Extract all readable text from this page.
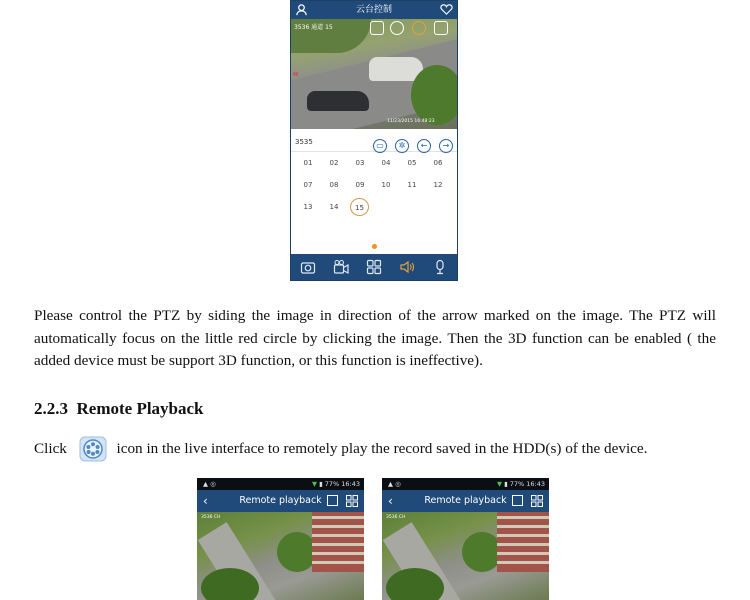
云台控制
3536 通道 15
«
11/23/2015 16:48:23
3535	▭	✲	←	→
01	02	03	04	05	06
07	08	09	10	11	12
13	14	15
Please control the PTZ by siding the image in direction of the arrow marked on the image. The PTZ will automatically focus on the little red circle by clicking the image. Then the 3D function can be enabled ( the added device must be support 3D function, or this function is ineffective).
2.2.3 Remote Playback
Click	icon in the live interface to remotely play the record saved in the HDD(s) of the device.
▲ ◎	▼ ▮ 77% 16:43
‹	Remote playback
3536 CH
▲ ◎	▼ ▮ 77% 16:43
‹	Remote playback
3536 CH
